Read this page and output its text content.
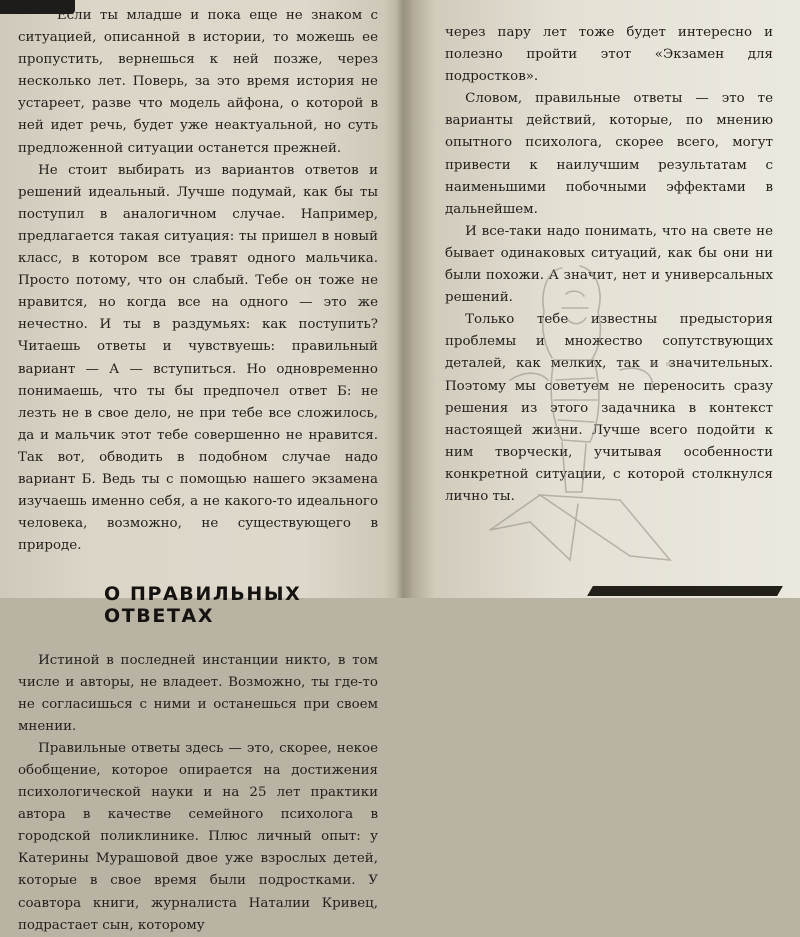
Если ты младше и пока еще не знаком с ситуацией, описанной в истории, то можешь ее пропустить, вернешься к ней позже, через несколько лет. Поверь, за это время история не устареет, разве что модель айфона, о которой в ней идет речь, будет уже неактуальной, но суть предложенной ситуации останется прежней.

Не стоит выбирать из вариантов ответов и решений идеальный. Лучше подумай, как бы ты поступил в аналогичном случае. Например, предлагается такая ситуация: ты пришел в новый класс, в котором все травят одного мальчика. Просто потому, что он слабый. Тебе он тоже не нравится, но когда все на одного — это же нечестно. И ты в раздумьях: как поступить? Читаешь ответы и чувствуешь: правильный вариант — А — вступиться. Но одновременно понимаешь, что ты бы предпочел ответ Б: не лезть не в свое дело, не при тебе все сложилось, да и мальчик этот тебе совершенно не нравится. Так вот, обводить в подобном случае надо вариант Б. Ведь ты с помощью нашего экзамена изучаешь именно себя, а не какого-то идеального человека, возможно, не существующего в природе.

О ПРАВИЛЬНЫХ ОТВЕТАХ

Истиной в последней инстанции никто, в том числе и авторы, не владеет. Возможно, ты где-то не согласишься с ними и останешься при своем мнении.

Правильные ответы здесь — это, скорее, некое обобщение, которое опирается на достижения психологической науки и на 25 лет практики автора в качестве семейного психолога в городской поликлинике. Плюс личный опыт: у Катерины Мурашовой двое уже взрослых детей, которые в свое время были подростками. У соавтора книги, журналиста Наталии Кривец, подрастает сын, которому

через пару лет тоже будет интересно и полезно пройти этот «Экзамен для подростков».

Словом, правильные ответы — это те варианты действий, которые, по мнению опытного психолога, скорее всего, могут привести к наилучшим результатам с наименьшими побочными эффектами в дальнейшем.

И все-таки надо понимать, что на свете не бывает одинаковых ситуаций, как бы они ни были похожи. А значит, нет и универсальных решений.

Только тебе известны предыстория проблемы и множество сопутствующих деталей, как мелких, так и значительных. Поэтому мы советуем не переносить сразу решения из этого задачника в контекст настоящей жизни. Лучше всего подойти к ним творчески, учитывая особенности конкретной ситуации, с которой столкнулся лично ты.
